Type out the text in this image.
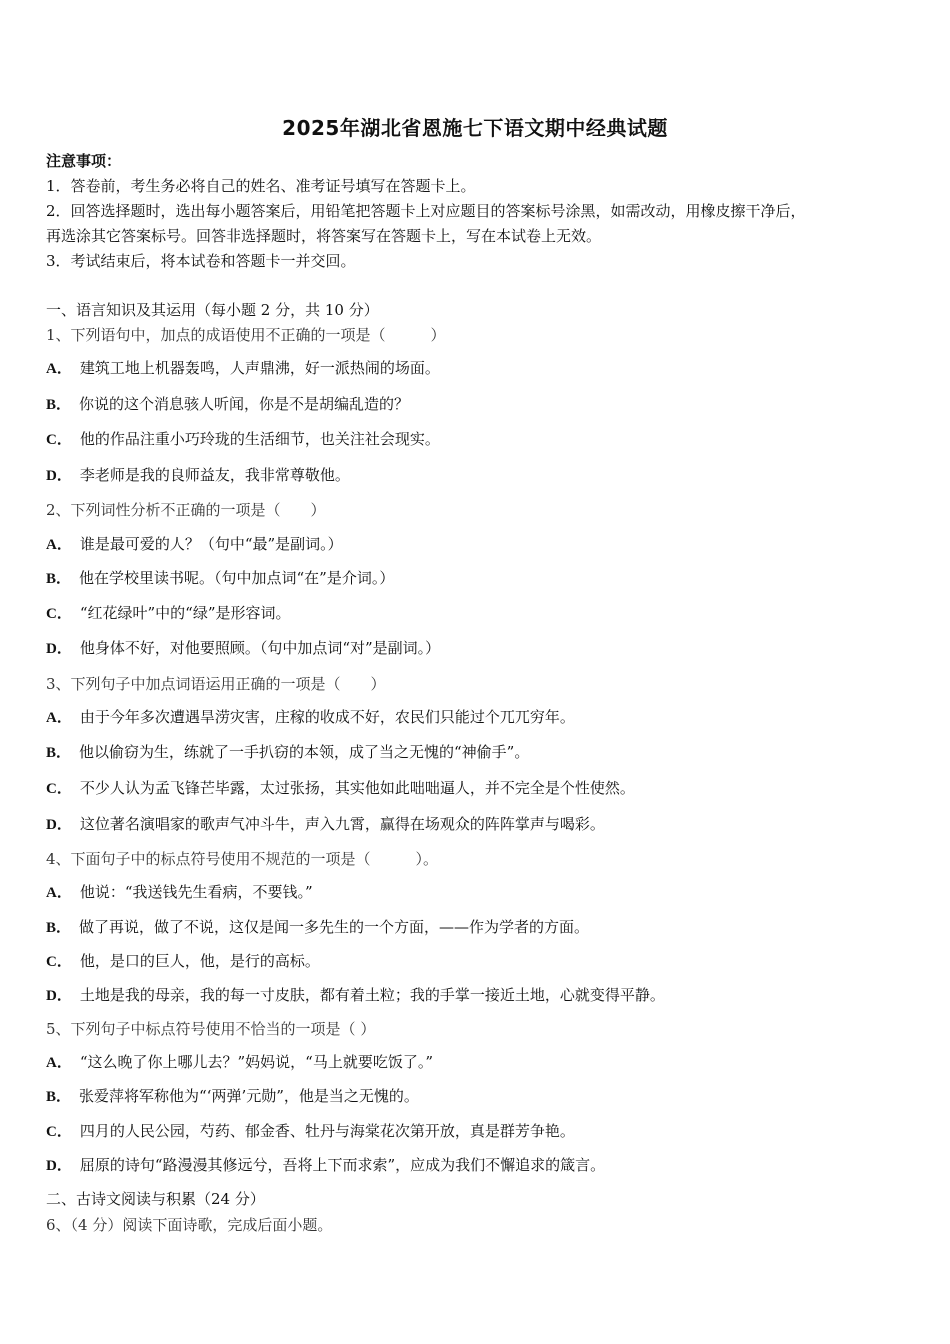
2025年湖北省恩施七下语文期中经典试题
注意事项：
1．答卷前，考生务必将自己的姓名、准考证号填写在答题卡上。
2．回答选择题时，选出每小题答案后，用铅笔把答题卡上对应题目的答案标号涂黑，如需改动，用橡皮擦干净后，
再选涂其它答案标号。回答非选择题时，将答案写在答题卡上，写在本试卷上无效。
3．考试结束后，将本试卷和答题卡一并交回。
一、语言知识及其运用（每小题 2 分，共 10 分）
1、下列语句中，加点的成语使用不正确的一项是（　　　）
A． 建筑工地上机器轰鸣，人声鼎沸，好一派热闹的场面。
B． 你说的这个消息骇人听闻，你是不是胡编乱造的？
C． 他的作品注重小巧玲珑的生活细节，也关注社会现实。
D． 李老师是我的良师益友，我非常尊敬他。
2、下列词性分析不正确的一项是（　　）
A． 谁是最可爱的人？（句中“最”是副词。）
B． 他在学校里读书呢。（句中加点词“在”是介词。）
C． “红花绿叶”中的“绿”是形容词。
D． 他身体不好，对他要照顾。（句中加点词“对”是副词。）
3、下列句子中加点词语运用正确的一项是（　　）
A． 由于今年多次遭遇旱涝灾害，庄稼的收成不好，农民们只能过个兀兀穷年。
B． 他以偷窃为生，练就了一手扒窃的本领，成了当之无愧的“神偷手”。
C． 不少人认为孟飞锋芒毕露，太过张扬，其实他如此咄咄逼人，并不完全是个性使然。
D． 这位著名演唱家的歌声气冲斗牛，声入九霄，赢得在场观众的阵阵掌声与喝彩。
4、下面句子中的标点符号使用不规范的一项是（　　　）。
A． 他说：“我送钱先生看病，不要钱。”
B． 做了再说，做了不说，这仅是闻一多先生的一个方面，——作为学者的方面。
C． 他，是口的巨人，他，是行的高标。
D． 土地是我的母亲，我的每一寸皮肤，都有着土粒；我的手掌一接近土地，心就变得平静。
5、下列句子中标点符号使用不恰当的一项是（ ）
A． “这么晚了你上哪儿去？”妈妈说，“马上就要吃饭了。”
B． 张爱萍将军称他为“‘两弹’元勋”，他是当之无愧的。
C． 四月的人民公园，芍药、郁金香、牡丹与海棠花次第开放，真是群芳争艳。
D． 屈原的诗句“路漫漫其修远兮，吾将上下而求索”，应成为我们不懈追求的箴言。
二、古诗文阅读与积累（24 分）
6、（4 分）阅读下面诗歌，完成后面小题。
